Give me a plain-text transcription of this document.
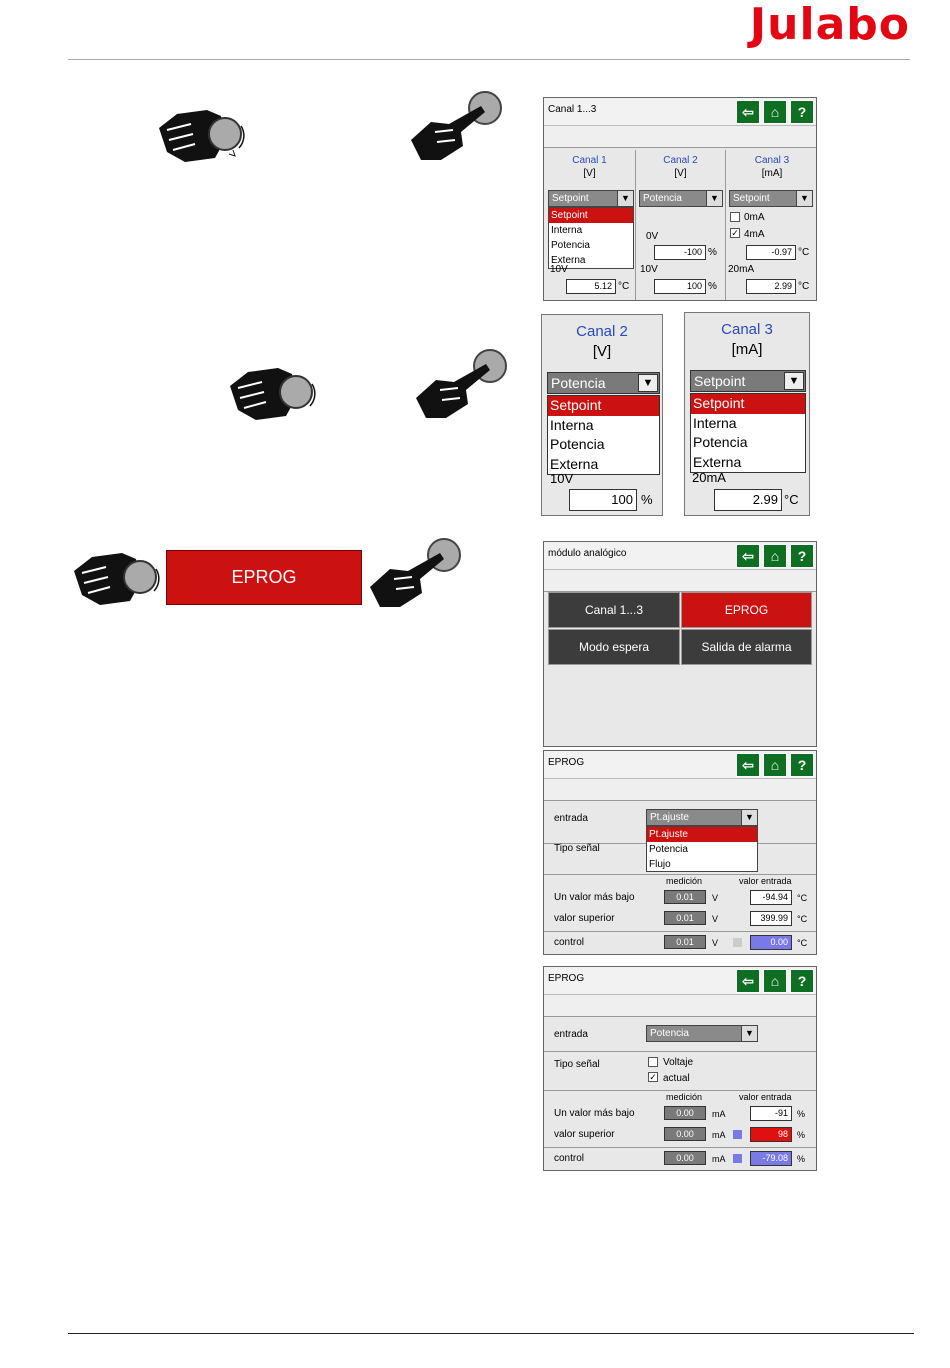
Julabo
Canal 1...3	⇦	⌂	?
Canal 1
[V]
Setpoint	▼
Setpoint
Interna
Potencia
Externa
10V
5.12 °C
Canal 2
[V]
Potencia	▼
0V
-100 %
10V
100 %
Canal 3
[mA]
Setpoint	▼
0mA
✓ 4mA
-0.97 °C
20mA
2.99 °C
Canal 2
[V]
Potencia	▼
Setpoint
Interna
Potencia
Externa
10V
100 %
Canal 3
[mA]
Setpoint	▼
Setpoint
Interna
Potencia
Externa
20mA
2.99 °C
EPROG
módulo analógico	⇦	⌂	?
Canal 1...3	EPROG
Modo espera	Salida de alarma
EPROG	⇦	⌂	?
entrada	Pt.ajuste	▼
Tipo señal
Pt.ajuste
Potencia
Flujo
medición	valor entrada
Un valor más bajo	0.01	V	-94.94	°C
valor superior	0.01	V	399.99	°C
control	0.01	V	0.00	°C
EPROG	⇦	⌂	?
entrada	Potencia	▼
Tipo señal	Voltaje
✓ actual
medición	valor entrada
Un valor más bajo	0.00	mA	-91	%
valor superior	0.00	mA	98	%
control	0.00	mA	-79.08	%
